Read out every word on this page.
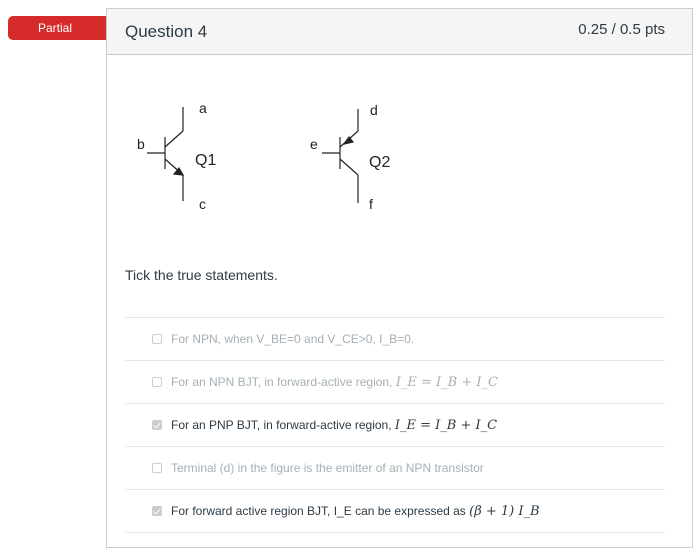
Partial	Question 4	0.25 / 0.5 pts
a
b
Q1
c
d
e
Q2
f
Tick the true statements.
For NPN, when V_BE=0 and V_CE>0, I_B=0.
For an NPN BJT, in forward-active region, I_E = I_B + I_C
For an PNP BJT, in forward-active region, I_E = I_B + I_C
Terminal (d) in the figure is the emitter of an NPN transistor
For forward active region BJT, I_E can be expressed as (β + 1) I_B
